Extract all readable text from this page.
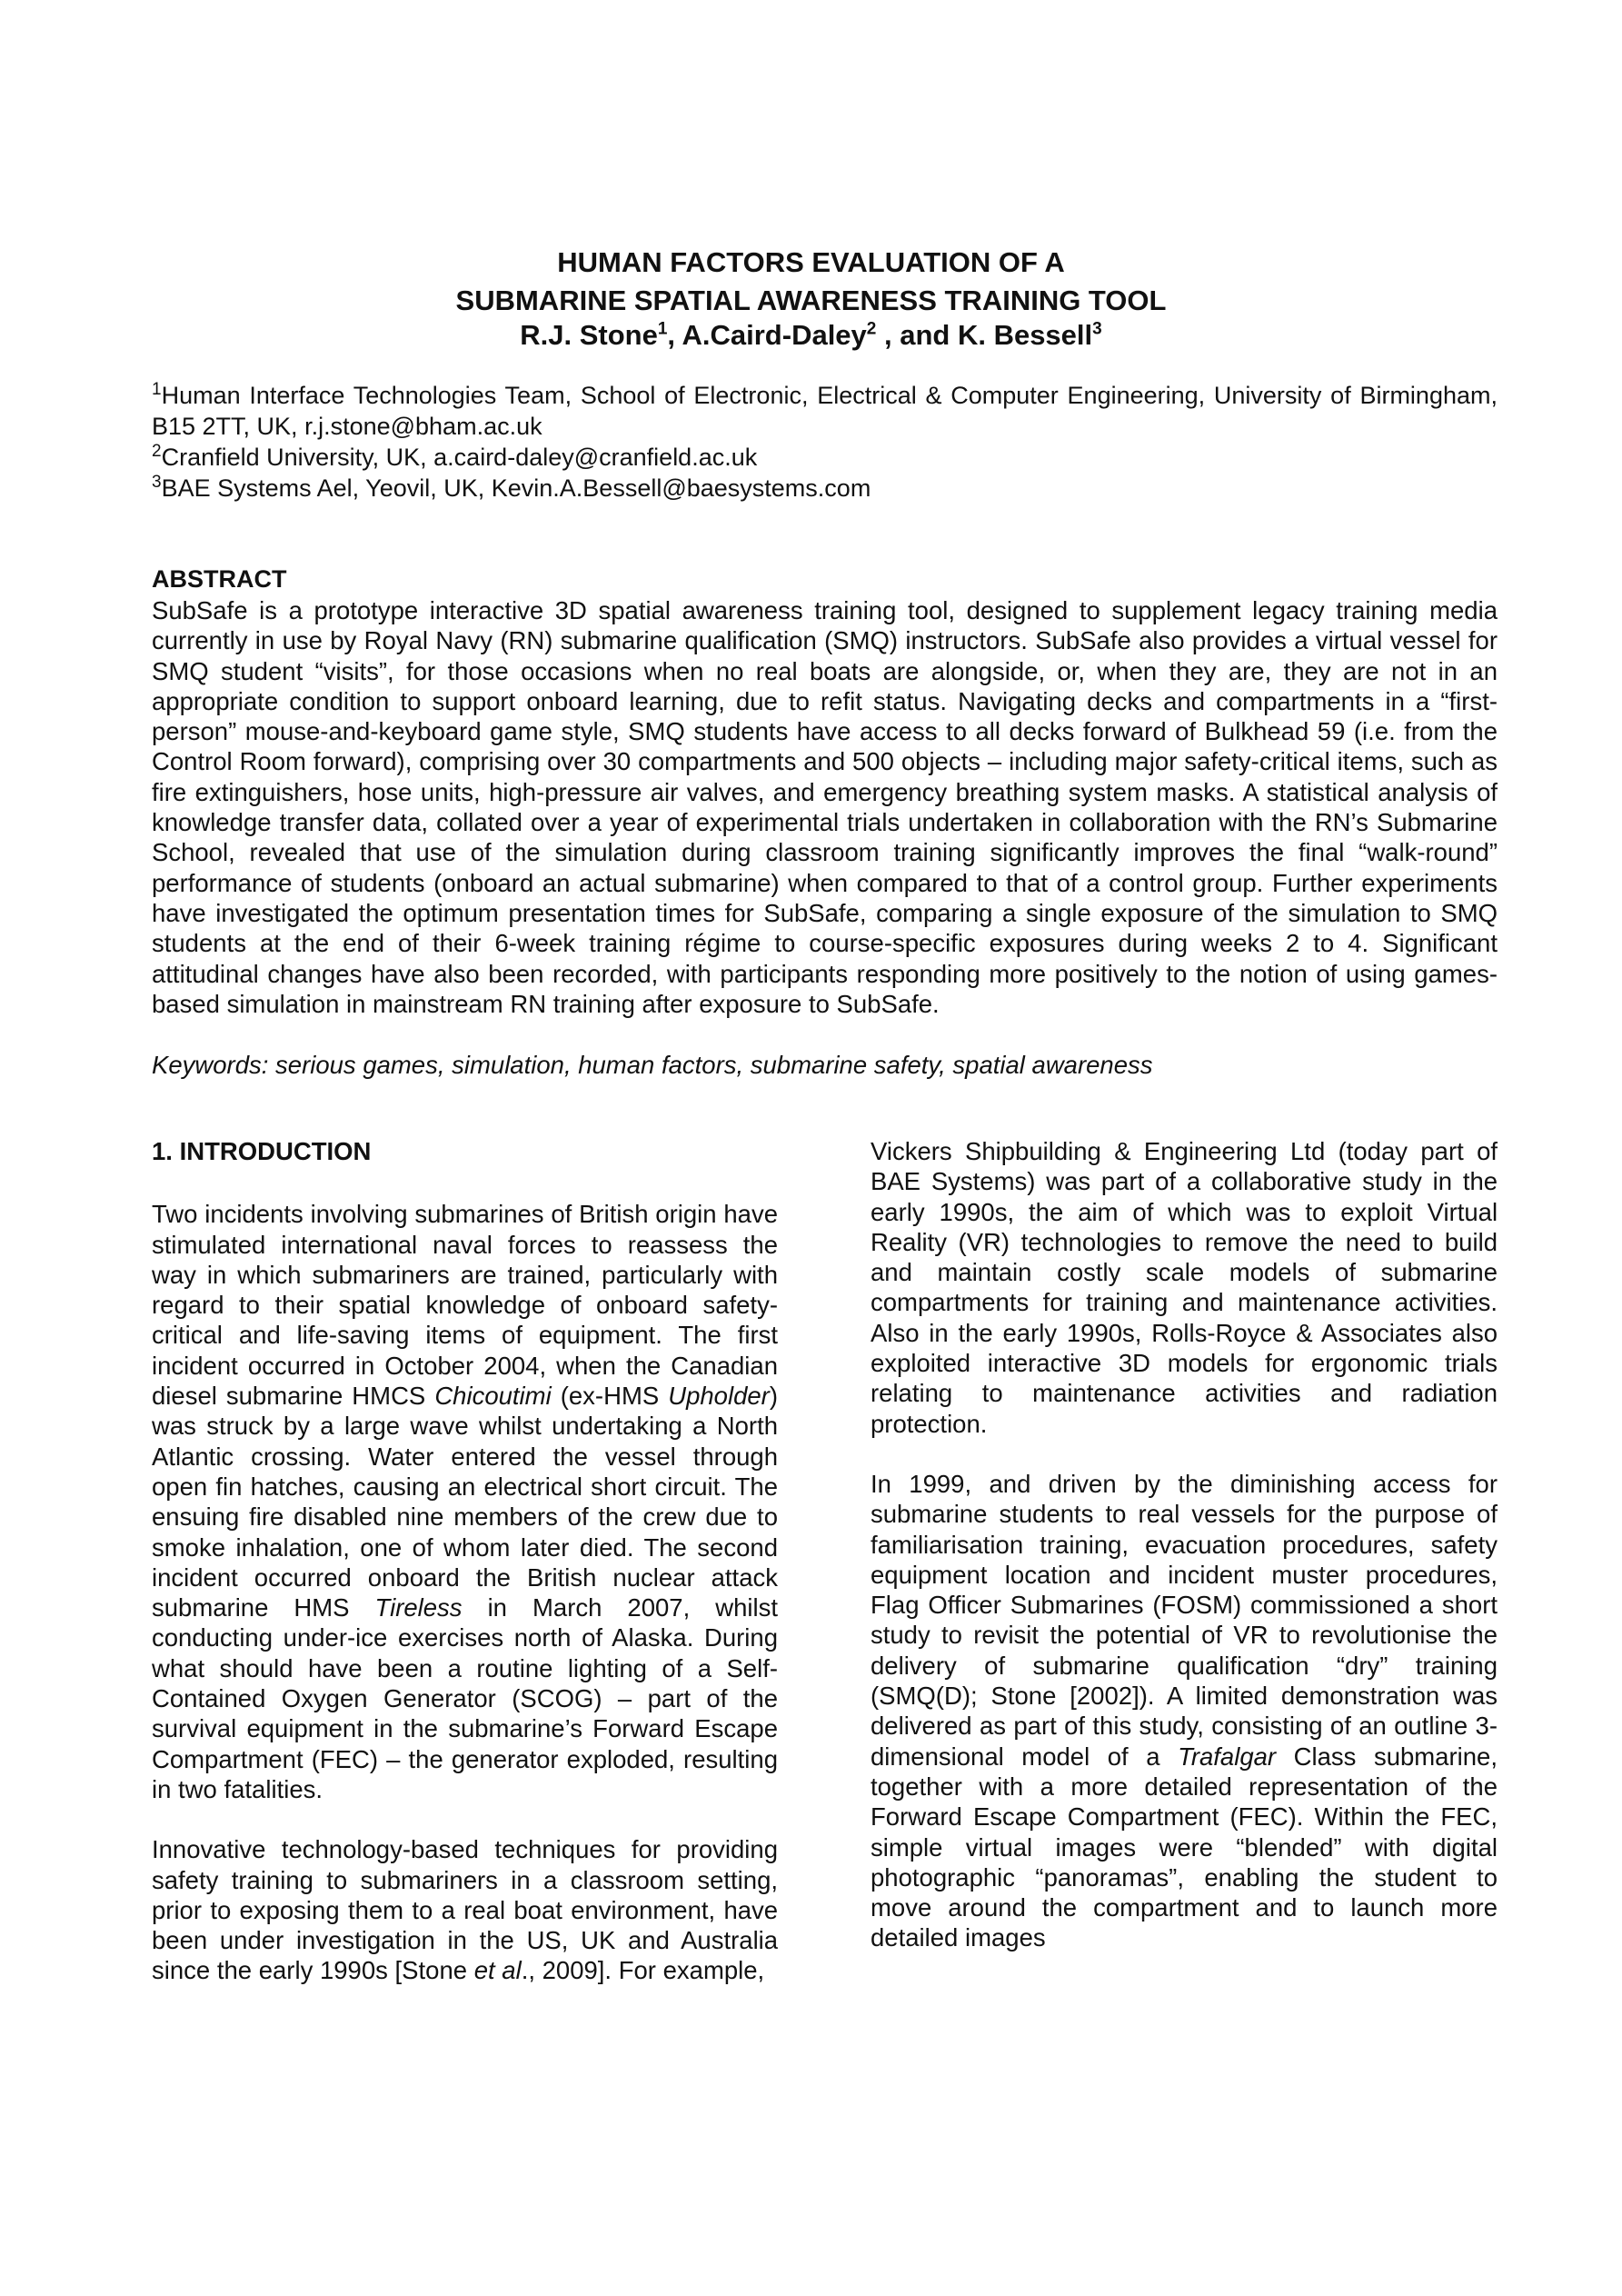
HUMAN FACTORS EVALUATION OF A
SUBMARINE SPATIAL AWARENESS TRAINING TOOL
R.J. Stone$^1$, A.Caird-Daley$^2$ , and K. Bessell$^3$

$^1$Human Interface Technologies Team, School of Electronic, Electrical & Computer Engineering, University of Birmingham, B15 2TT, UK, r.j.stone@bham.ac.uk

$^2$Cranfield University, UK, a.caird-daley@cranfield.ac.uk

$^3$BAE Systems Ael, Yeovil, UK, Kevin.A.Bessell@baesystems.com

ABSTRACT

SubSafe is a prototype interactive 3D spatial awareness training tool, designed to supplement legacy training media currently in use by Royal Navy (RN) submarine qualification (SMQ) instructors. SubSafe also provides a virtual vessel for SMQ student “visits”, for those occasions when no real boats are alongside, or, when they are, they are not in an appropriate condition to support onboard learning, due to refit status. Navigating decks and compartments in a “first-person” mouse-and-keyboard game style, SMQ students have access to all decks forward of Bulkhead 59 (i.e. from the Control Room forward), comprising over 30 compartments and 500 objects – including major safety-critical items, such as fire extinguishers, hose units, high-pressure air valves, and emergency breathing system masks. A statistical analysis of knowledge transfer data, collated over a year of experimental trials undertaken in collaboration with the RN’s Submarine School, revealed that use of the simulation during classroom training significantly improves the final “walk-round” performance of students (onboard an actual submarine) when compared to that of a control group. Further experiments have investigated the optimum presentation times for SubSafe, comparing a single exposure of the simulation to SMQ students at the end of their 6-week training régime to course-specific exposures during weeks 2 to 4. Significant attitudinal changes have also been recorded, with participants responding more positively to the notion of using games-based simulation in mainstream RN training after exposure to SubSafe.

Keywords: serious games, simulation, human factors, submarine safety, spatial awareness
1. INTRODUCTION

Two incidents involving submarines of British origin have stimulated international naval forces to reassess the way in which submariners are trained, particularly with regard to their spatial knowledge of onboard safety-critical and life-saving items of equipment. The first incident occurred in October 2004, when the Canadian diesel submarine HMCS Chicoutimi (ex-HMS Upholder) was struck by a large wave whilst undertaking a North Atlantic crossing. Water entered the vessel through open fin hatches, causing an electrical short circuit. The ensuing fire disabled nine members of the crew due to smoke inhalation, one of whom later died. The second incident occurred onboard the British nuclear attack submarine HMS Tireless in March 2007, whilst conducting under-ice exercises north of Alaska. During what should have been a routine lighting of a Self-Contained Oxygen Generator (SCOG) – part of the survival equipment in the submarine’s Forward Escape Compartment (FEC) – the generator exploded, resulting in two fatalities.

Innovative technology-based techniques for providing safety training to submariners in a classroom setting, prior to exposing them to a real boat environment, have been under investigation in the US, UK and Australia since the early 1990s [Stone et al., 2009]. For example,

Vickers Shipbuilding & Engineering Ltd (today part of BAE Systems) was part of a collaborative study in the early 1990s, the aim of which was to exploit Virtual Reality (VR) technologies to remove the need to build and maintain costly scale models of submarine compartments for training and maintenance activities. Also in the early 1990s, Rolls-Royce & Associates also exploited interactive 3D models for ergonomic trials relating to maintenance activities and radiation protection.

In 1999, and driven by the diminishing access for submarine students to real vessels for the purpose of familiarisation training, evacuation procedures, safety equipment location and incident muster procedures, Flag Officer Submarines (FOSM) commissioned a short study to revisit the potential of VR to revolutionise the delivery of submarine qualification “dry” training (SMQ(D); Stone [2002]). A limited demonstration was delivered as part of this study, consisting of an outline 3-dimensional model of a Trafalgar Class submarine, together with a more detailed representation of the Forward Escape Compartment (FEC). Within the FEC, simple virtual images were “blended” with digital photographic “panoramas”, enabling the student to move around the compartment and to launch more detailed images
